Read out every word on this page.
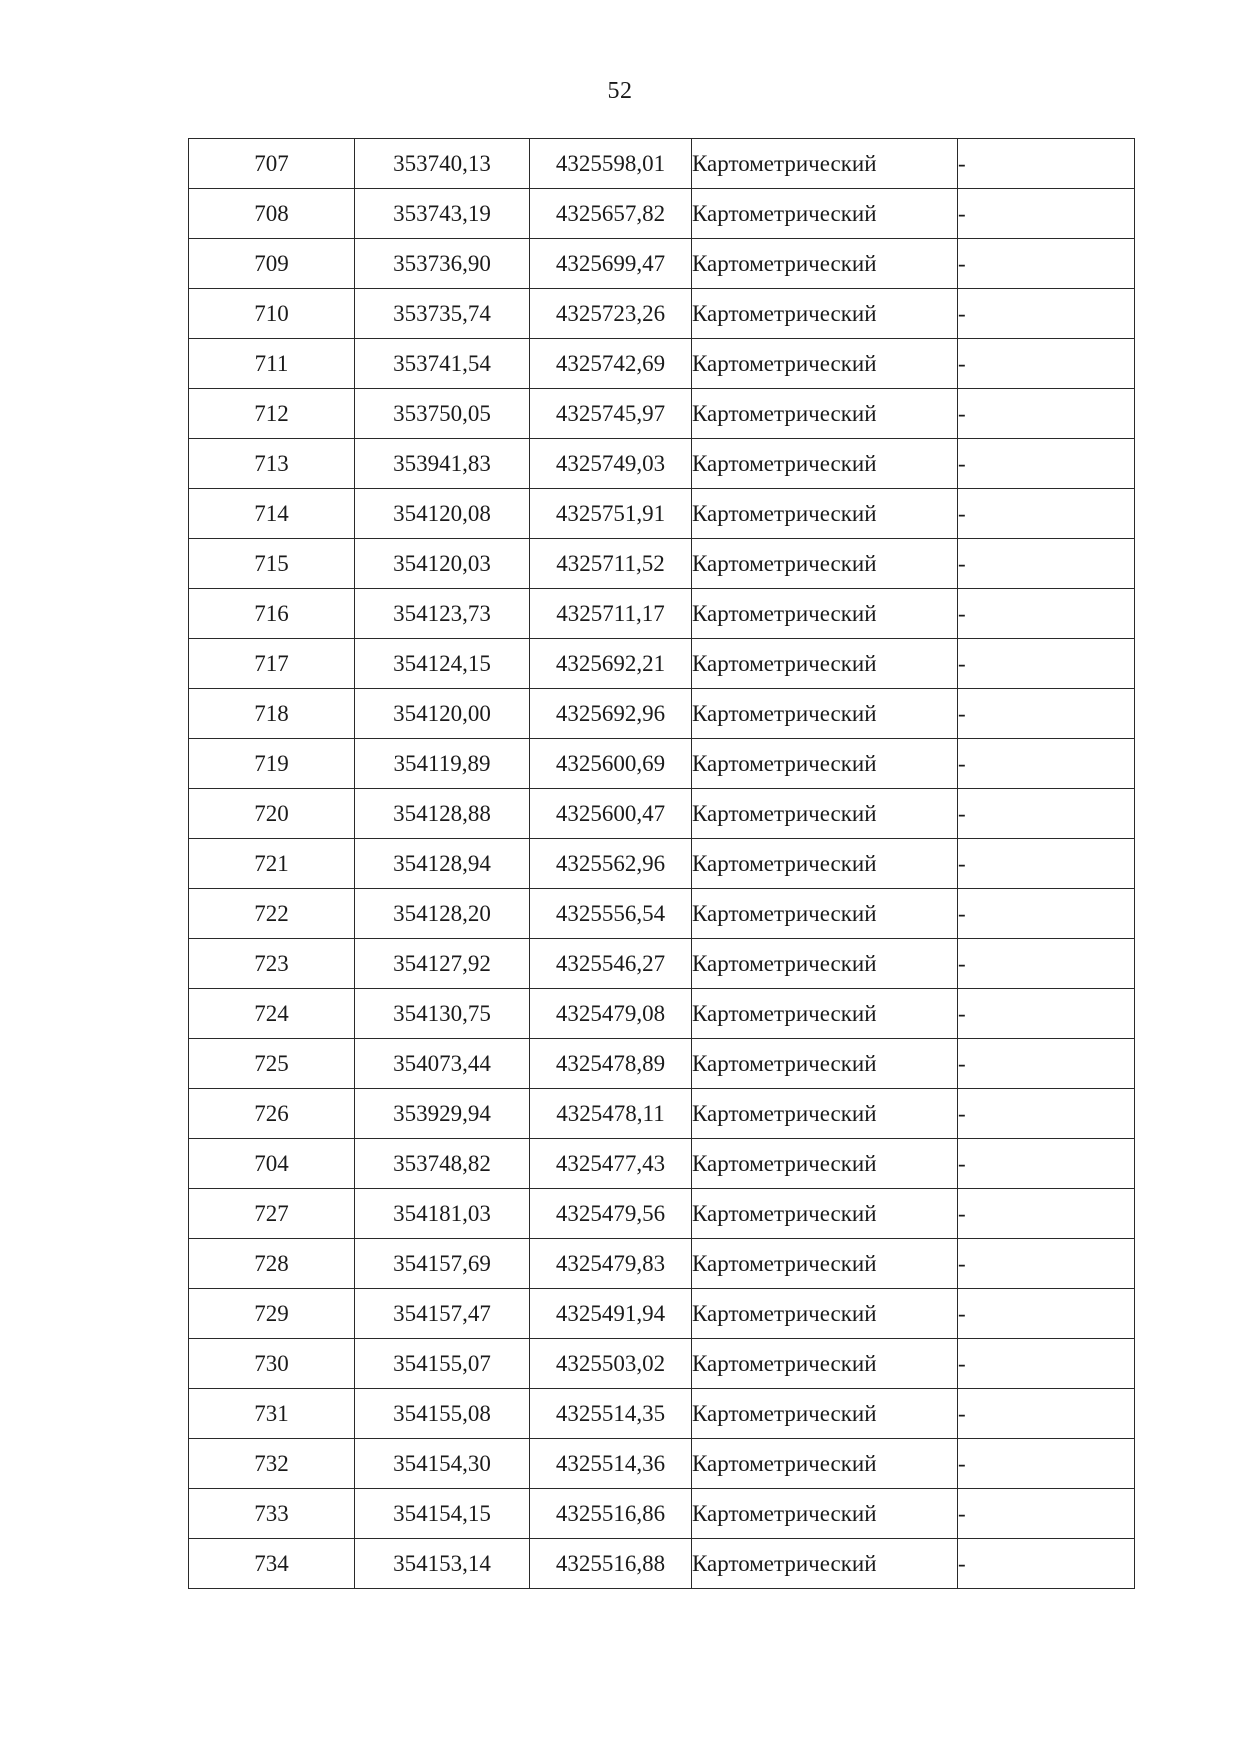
52
707	353740,13	4325598,01	Картометрический	-
708	353743,19	4325657,82	Картометрический	-
709	353736,90	4325699,47	Картометрический	-
710	353735,74	4325723,26	Картометрический	-
711	353741,54	4325742,69	Картометрический	-
712	353750,05	4325745,97	Картометрический	-
713	353941,83	4325749,03	Картометрический	-
714	354120,08	4325751,91	Картометрический	-
715	354120,03	4325711,52	Картометрический	-
716	354123,73	4325711,17	Картометрический	-
717	354124,15	4325692,21	Картометрический	-
718	354120,00	4325692,96	Картометрический	-
719	354119,89	4325600,69	Картометрический	-
720	354128,88	4325600,47	Картометрический	-
721	354128,94	4325562,96	Картометрический	-
722	354128,20	4325556,54	Картометрический	-
723	354127,92	4325546,27	Картометрический	-
724	354130,75	4325479,08	Картометрический	-
725	354073,44	4325478,89	Картометрический	-
726	353929,94	4325478,11	Картометрический	-
704	353748,82	4325477,43	Картометрический	-
727	354181,03	4325479,56	Картометрический	-
728	354157,69	4325479,83	Картометрический	-
729	354157,47	4325491,94	Картометрический	-
730	354155,07	4325503,02	Картометрический	-
731	354155,08	4325514,35	Картометрический	-
732	354154,30	4325514,36	Картометрический	-
733	354154,15	4325516,86	Картометрический	-
734	354153,14	4325516,88	Картометрический	-
